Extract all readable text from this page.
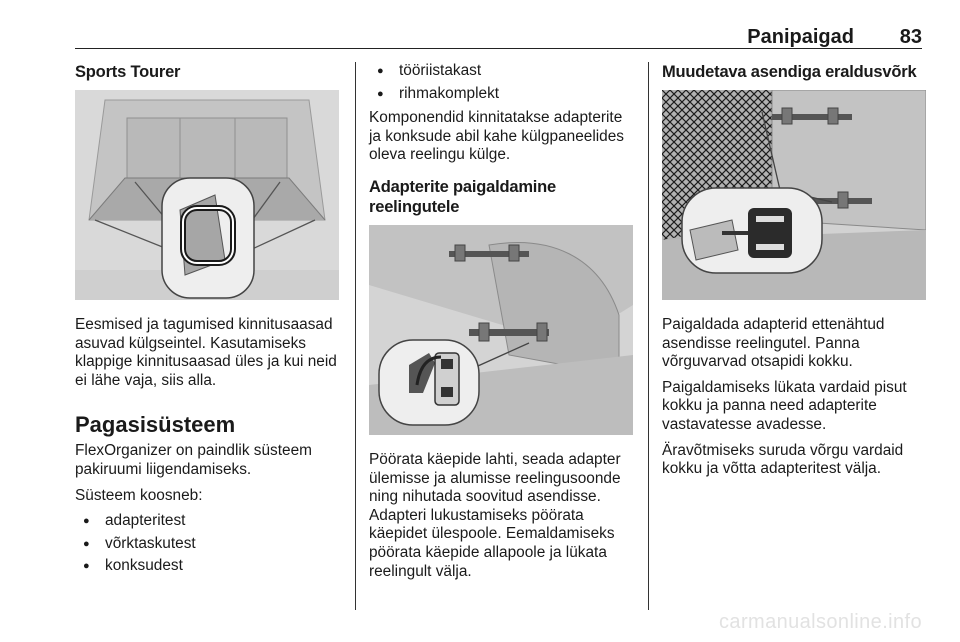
Panipaigad 83
Sports Tourer

Eesmised ja tagumised kinnitusaasad asuvad külgseintel. Kasutamiseks klappige kinnitusaasad üles ja kui neid ei lähe vaja, siis alla.

Pagasisüsteem

FlexOrganizer on paindlik süsteem pakiruumi liigendamiseks.

Süsteem koosneb:

● adapteritest
● võrktaskutest
● konksudest
● tööriistakast
● rihmakomplekt

Komponendid kinnitatakse adapterite ja konksude abil kahe külgpaneelides oleva reelingu külge.

Adapterite paigaldamine reelingutele

Pöörata käepide lahti, seada adapter ülemisse ja alumisse reelingusoonde ning nihutada soovitud asendisse. Adapteri lukustamiseks pöörata käepidet ülespoole. Eemaldamiseks pöörata käepide allapoole ja lükata reelingult välja.

Muudetava asendiga eraldusvõrk

Paigaldada adapterid ettenähtud asendisse reelingutel. Panna võrguvarvad otsapidi kokku.

Paigaldamiseks lükata vardaid pisut kokku ja panna need adapterite vastavatesse avadesse.

Äravõtmiseks suruda võrgu vardaid kokku ja võtta adapteritest välja.

carmanualsonline.info
